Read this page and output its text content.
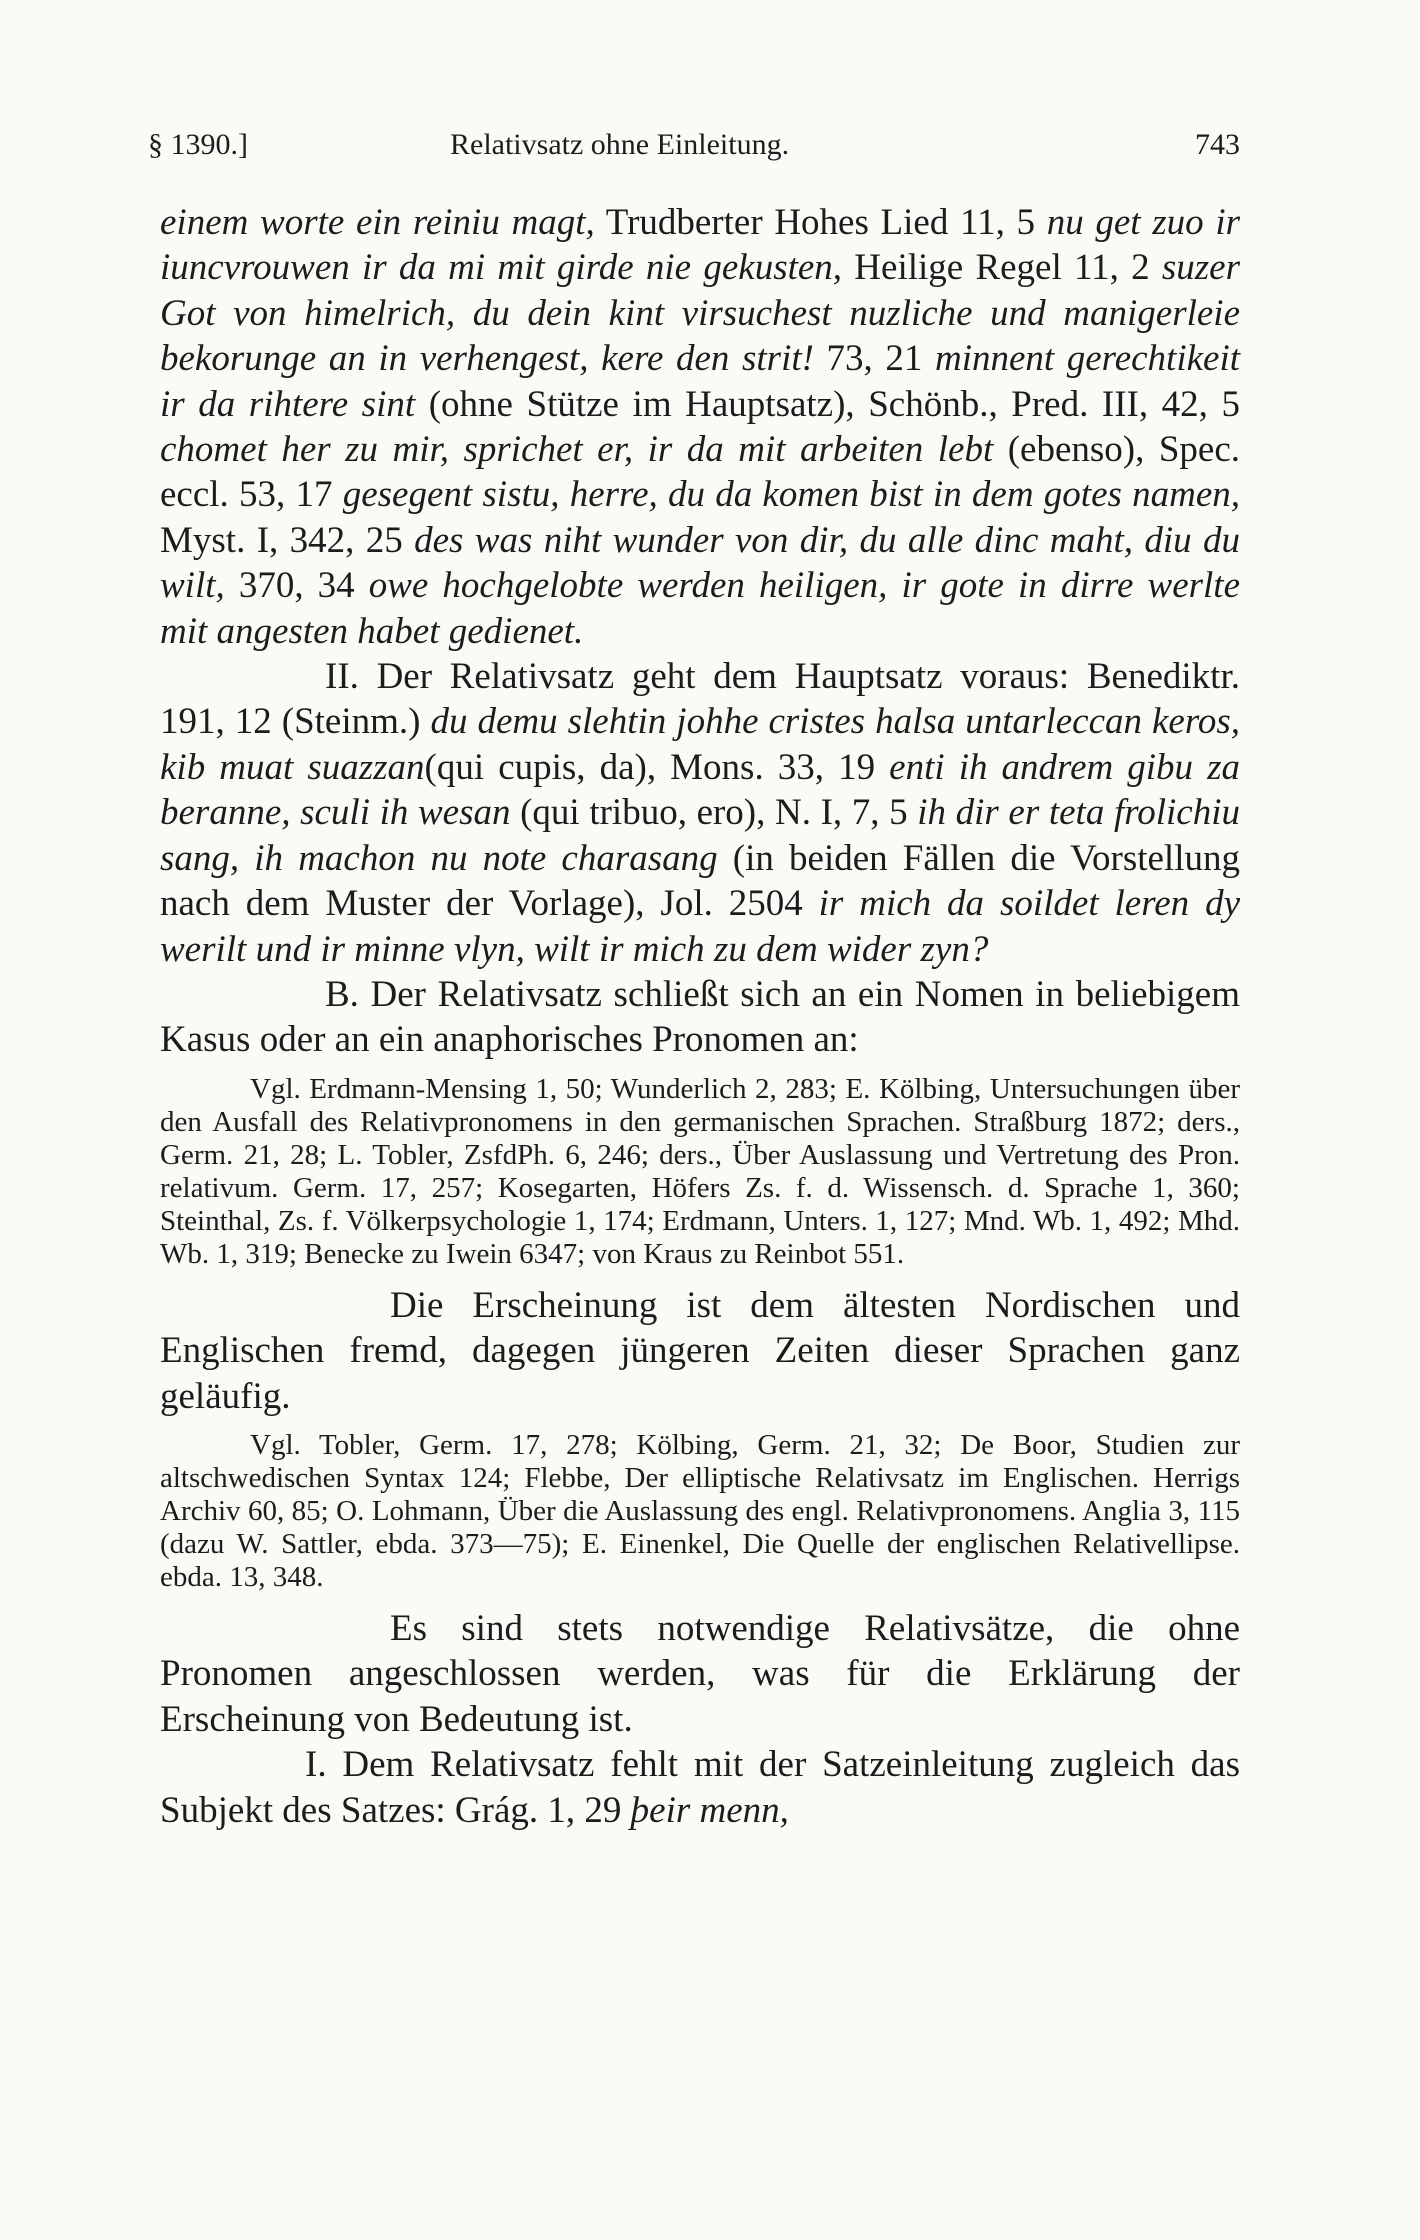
§ 1390.]	Relativsatz ohne Einleitung.	743

einem worte ein reiniu magt, Trudberter Hohes Lied 11, 5 nu get zuo ir iuncvrouwen ir da mi mit girde nie gekusten, Heilige Regel 11, 2 suzer Got von himelrich, du dein kint virsuchest nuzliche und manigerleie bekorunge an in verhengest, kere den strit! 73, 21 minnent gerechtikeit ir da rihtere sint (ohne Stütze im Hauptsatz), Schönb., Pred. III, 42, 5 chomet her zu mir, sprichet er, ir da mit arbeiten lebt (ebenso), Spec. eccl. 53, 17 gesegent sistu, herre, du da komen bist in dem gotes namen, Myst. I, 342, 25 des was niht wunder von dir, du alle dinc maht, diu du wilt, 370, 34 owe hochgelobte werden heiligen, ir gote in dirre werlte mit angesten habet gedienet.

II. Der Relativsatz geht dem Hauptsatz voraus: Benediktr. 191, 12 (Steinm.) du demu slehtin johhe cristes halsa untarleccan keros, kib muat suazzan(qui cupis, da), Mons. 33, 19 enti ih andrem gibu za beranne, sculi ih wesan (qui tribuo, ero), N. I, 7, 5 ih dir er teta frolichiu sang, ih machon nu note charasang (in beiden Fällen die Vorstellung nach dem Muster der Vorlage), Jol. 2504 ir mich da soildet leren dy werilt und ir minne vlyn, wilt ir mich zu dem wider zyn?

B. Der Relativsatz schließt sich an ein Nomen in beliebigem Kasus oder an ein anaphorisches Pronomen an:

Vgl. Erdmann-Mensing 1, 50; Wunderlich 2, 283; E. Kölbing, Untersuchungen über den Ausfall des Relativpronomens in den germanischen Sprachen. Straßburg 1872; ders., Germ. 21, 28; L. Tobler, ZsfdPh. 6, 246; ders., Über Auslassung und Vertretung des Pron. relativum. Germ. 17, 257; Kosegarten, Höfers Zs. f. d. Wissensch. d. Sprache 1, 360; Steinthal, Zs. f. Völkerpsychologie 1, 174; Erdmann, Unters. 1, 127; Mnd. Wb. 1, 492; Mhd. Wb. 1, 319; Benecke zu Iwein 6347; von Kraus zu Reinbot 551.

Die Erscheinung ist dem ältesten Nordischen und Englischen fremd, dagegen jüngeren Zeiten dieser Sprachen ganz geläufig.

Vgl. Tobler, Germ. 17, 278; Kölbing, Germ. 21, 32; De Boor, Studien zur altschwedischen Syntax 124; Flebbe, Der elliptische Relativsatz im Englischen. Herrigs Archiv 60, 85; O. Lohmann, Über die Auslassung des engl. Relativpronomens. Anglia 3, 115 (dazu W. Sattler, ebda. 373—75); E. Einenkel, Die Quelle der englischen Relativellipse. ebda. 13, 348.

Es sind stets notwendige Relativsätze, die ohne Pronomen angeschlossen werden, was für die Erklärung der Erscheinung von Bedeutung ist.

I. Dem Relativsatz fehlt mit der Satzeinleitung zugleich das Subjekt des Satzes: Grág. 1, 29 þeir menn,
